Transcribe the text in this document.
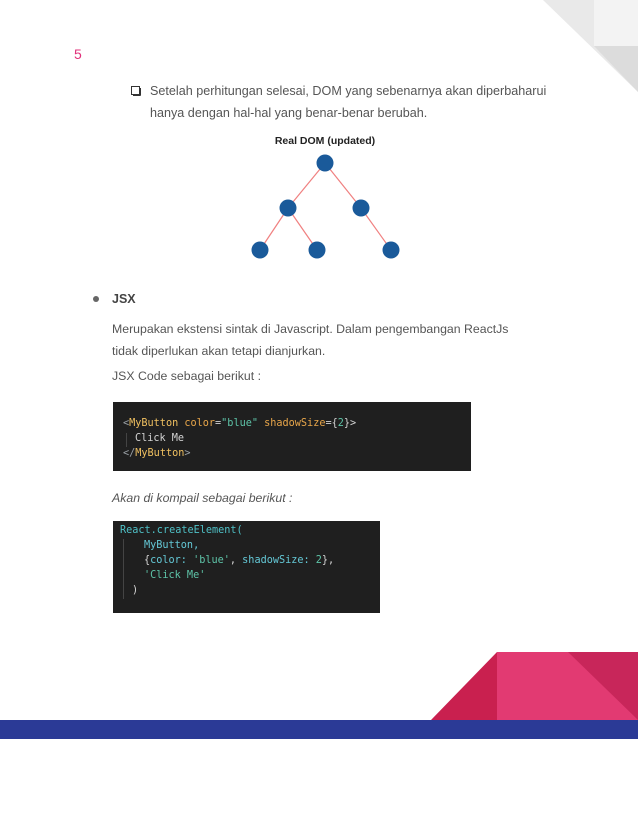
5
Setelah perhitungan selesai, DOM yang sebenarnya akan diperbaharui hanya dengan hal-hal yang benar-benar berubah.
Real DOM (updated)
JSX
Merupakan ekstensi sintak di Javascript. Dalam pengembangan ReactJs tidak diperlukan akan tetapi dianjurkan.
JSX Code sebagai berikut :
<MyButton color="blue" shadowSize={2}>
Click Me
</MyButton>
Akan di kompail sebagai berikut :
React.createElement(
MyButton,
{color: 'blue', shadowSize: 2},
'Click Me'
)
